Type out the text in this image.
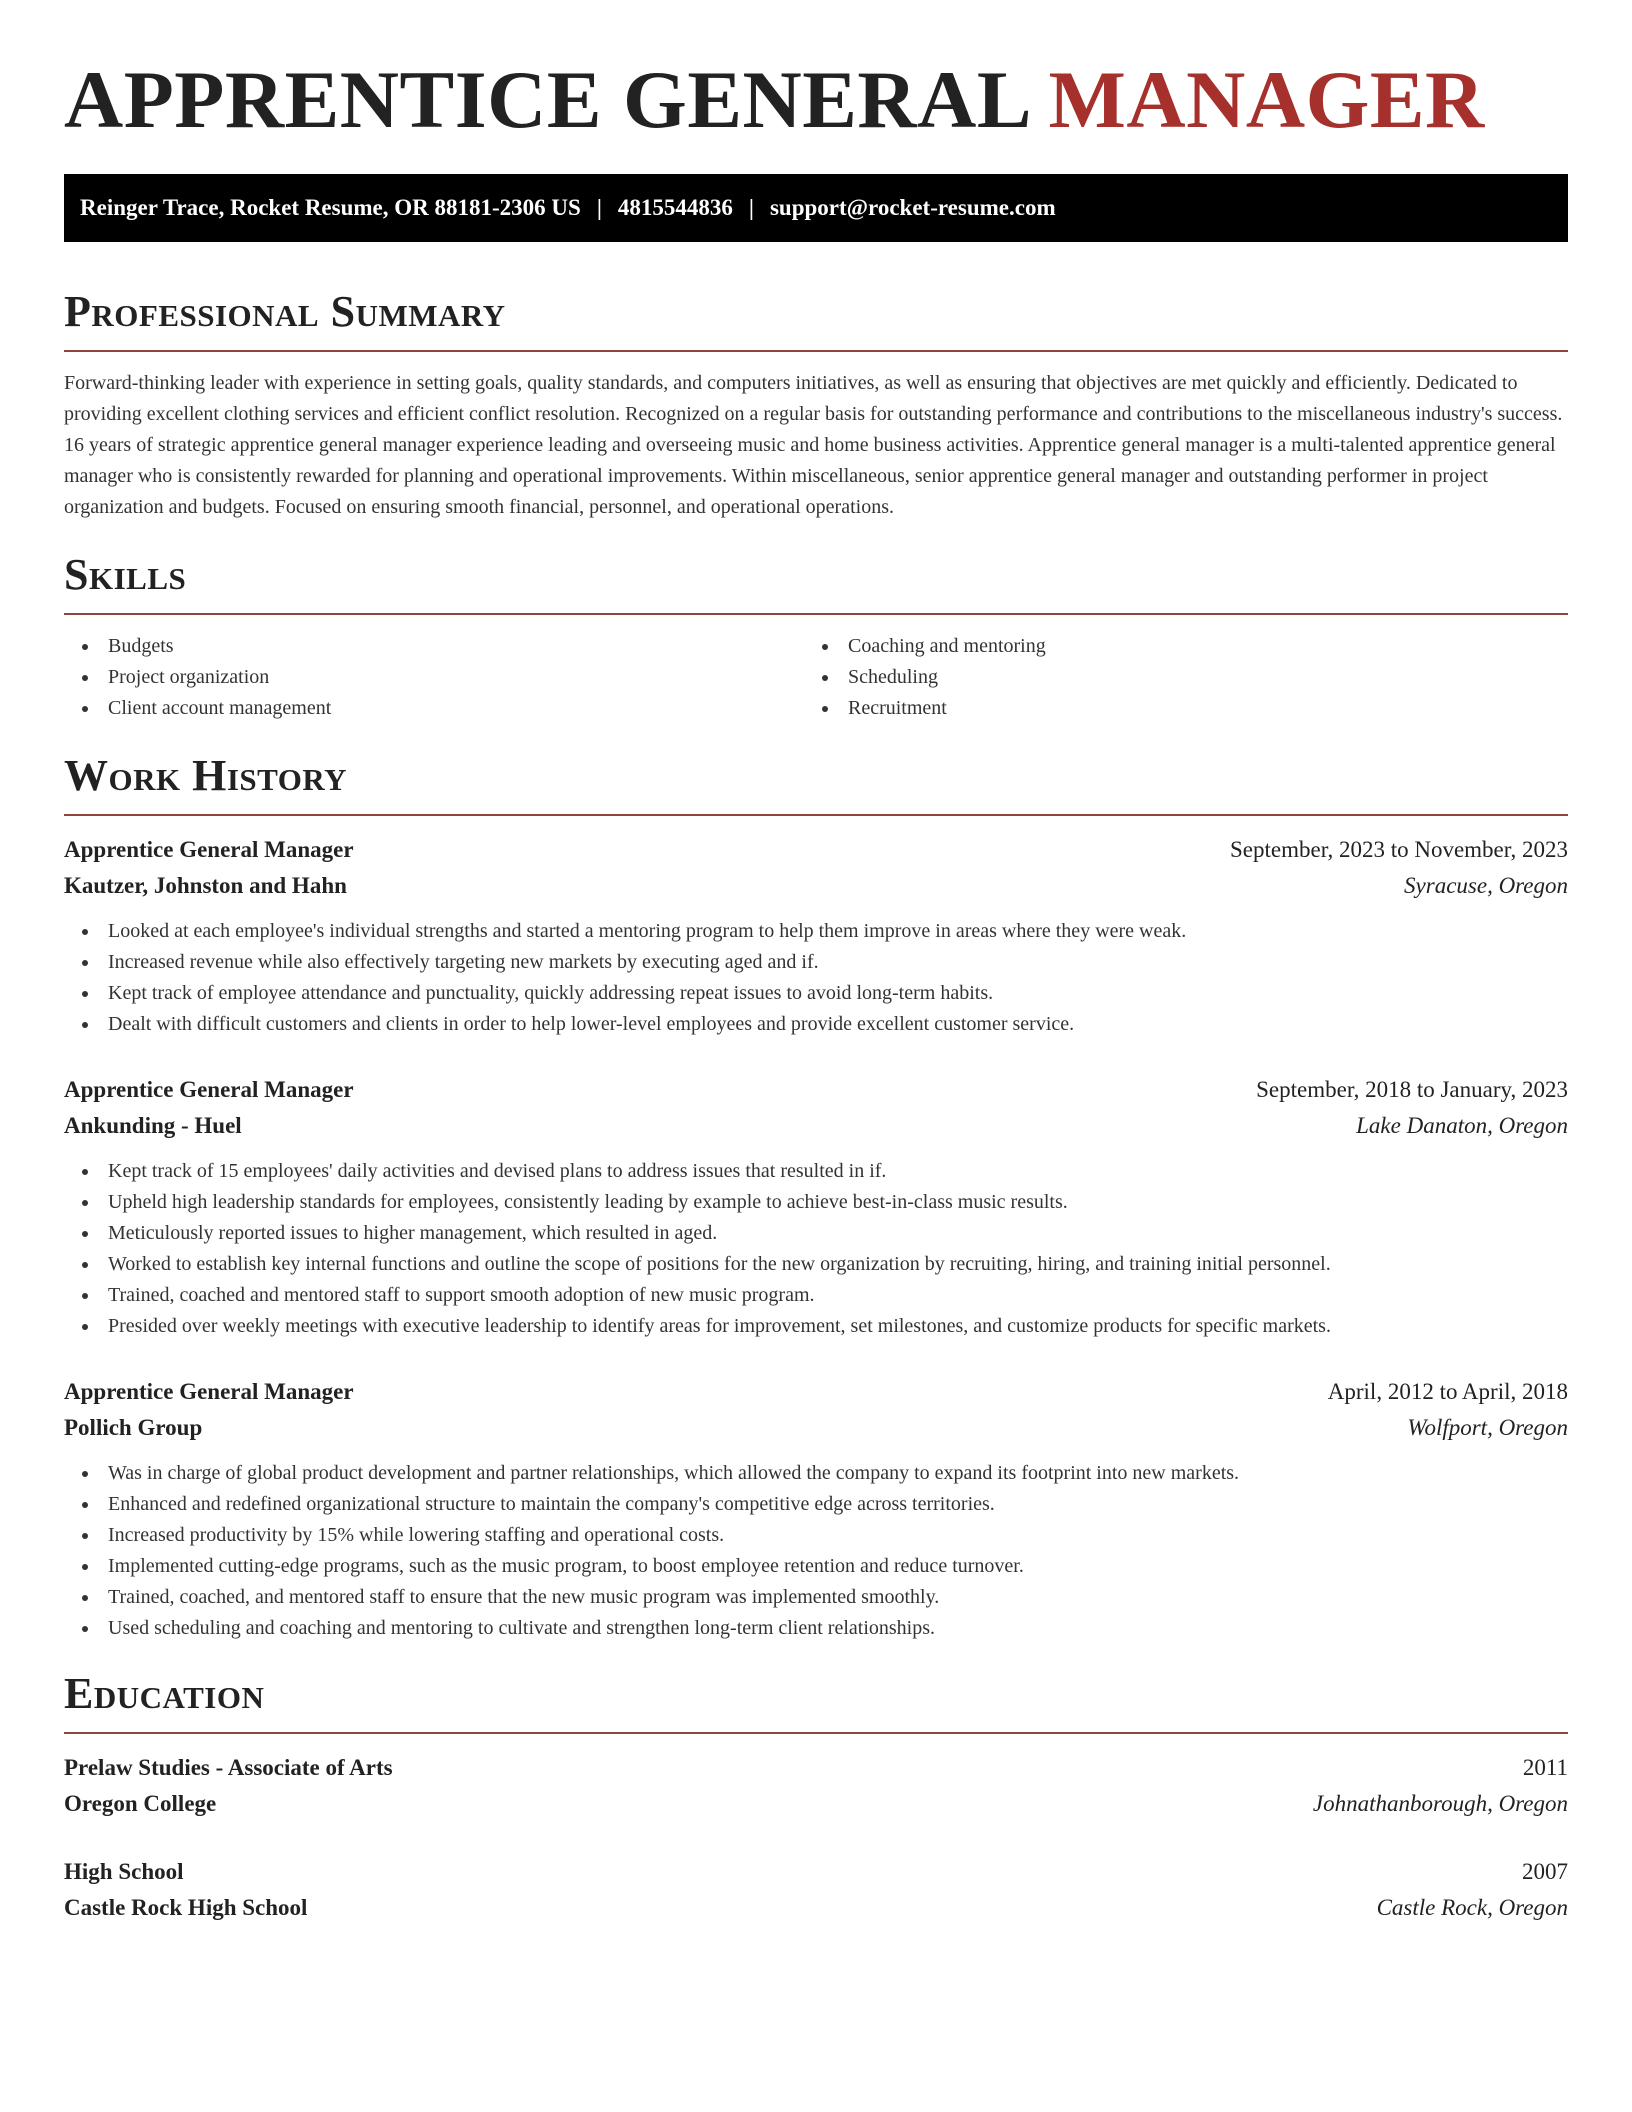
APPRENTICE GENERAL MANAGER
Reinger Trace, Rocket Resume, OR 88181-2306 US | 4815544836 | support@rocket-resume.com
Professional Summary

Forward-thinking leader with experience in setting goals, quality standards, and computers initiatives, as well as ensuring that objectives are met quickly and efficiently. Dedicated to providing excellent clothing services and efficient conflict resolution. Recognized on a regular basis for outstanding performance and contributions to the miscellaneous industry's success. 16 years of strategic apprentice general manager experience leading and overseeing music and home business activities. Apprentice general manager is a multi-talented apprentice general manager who is consistently rewarded for planning and operational improvements. Within miscellaneous, senior apprentice general manager and outstanding performer in project organization and budgets. Focused on ensuring smooth financial, personnel, and operational operations.

Skills
Budgets
Project organization
Client account management
Coaching and mentoring
Scheduling
Recruitment
Work History
Apprentice General Manager	September, 2023 to November, 2023
Kautzer, Johnston and Hahn	Syracuse, Oregon
Looked at each employee's individual strengths and started a mentoring program to help them improve in areas where they were weak.
Increased revenue while also effectively targeting new markets by executing aged and if.
Kept track of employee attendance and punctuality, quickly addressing repeat issues to avoid long-term habits.
Dealt with difficult customers and clients in order to help lower-level employees and provide excellent customer service.
Apprentice General Manager	September, 2018 to January, 2023
Ankunding - Huel	Lake Danaton, Oregon
Kept track of 15 employees' daily activities and devised plans to address issues that resulted in if.
Upheld high leadership standards for employees, consistently leading by example to achieve best-in-class music results.
Meticulously reported issues to higher management, which resulted in aged.
Worked to establish key internal functions and outline the scope of positions for the new organization by recruiting, hiring, and training initial personnel.
Trained, coached and mentored staff to support smooth adoption of new music program.
Presided over weekly meetings with executive leadership to identify areas for improvement, set milestones, and customize products for specific markets.
Apprentice General Manager	April, 2012 to April, 2018
Pollich Group	Wolfport, Oregon
Was in charge of global product development and partner relationships, which allowed the company to expand its footprint into new markets.
Enhanced and redefined organizational structure to maintain the company's competitive edge across territories.
Increased productivity by 15% while lowering staffing and operational costs.
Implemented cutting-edge programs, such as the music program, to boost employee retention and reduce turnover.
Trained, coached, and mentored staff to ensure that the new music program was implemented smoothly.
Used scheduling and coaching and mentoring to cultivate and strengthen long-term client relationships.
Education
Prelaw Studies - Associate of Arts	2011
Oregon College	Johnathanborough, Oregon
High School	2007
Castle Rock High School	Castle Rock, Oregon
